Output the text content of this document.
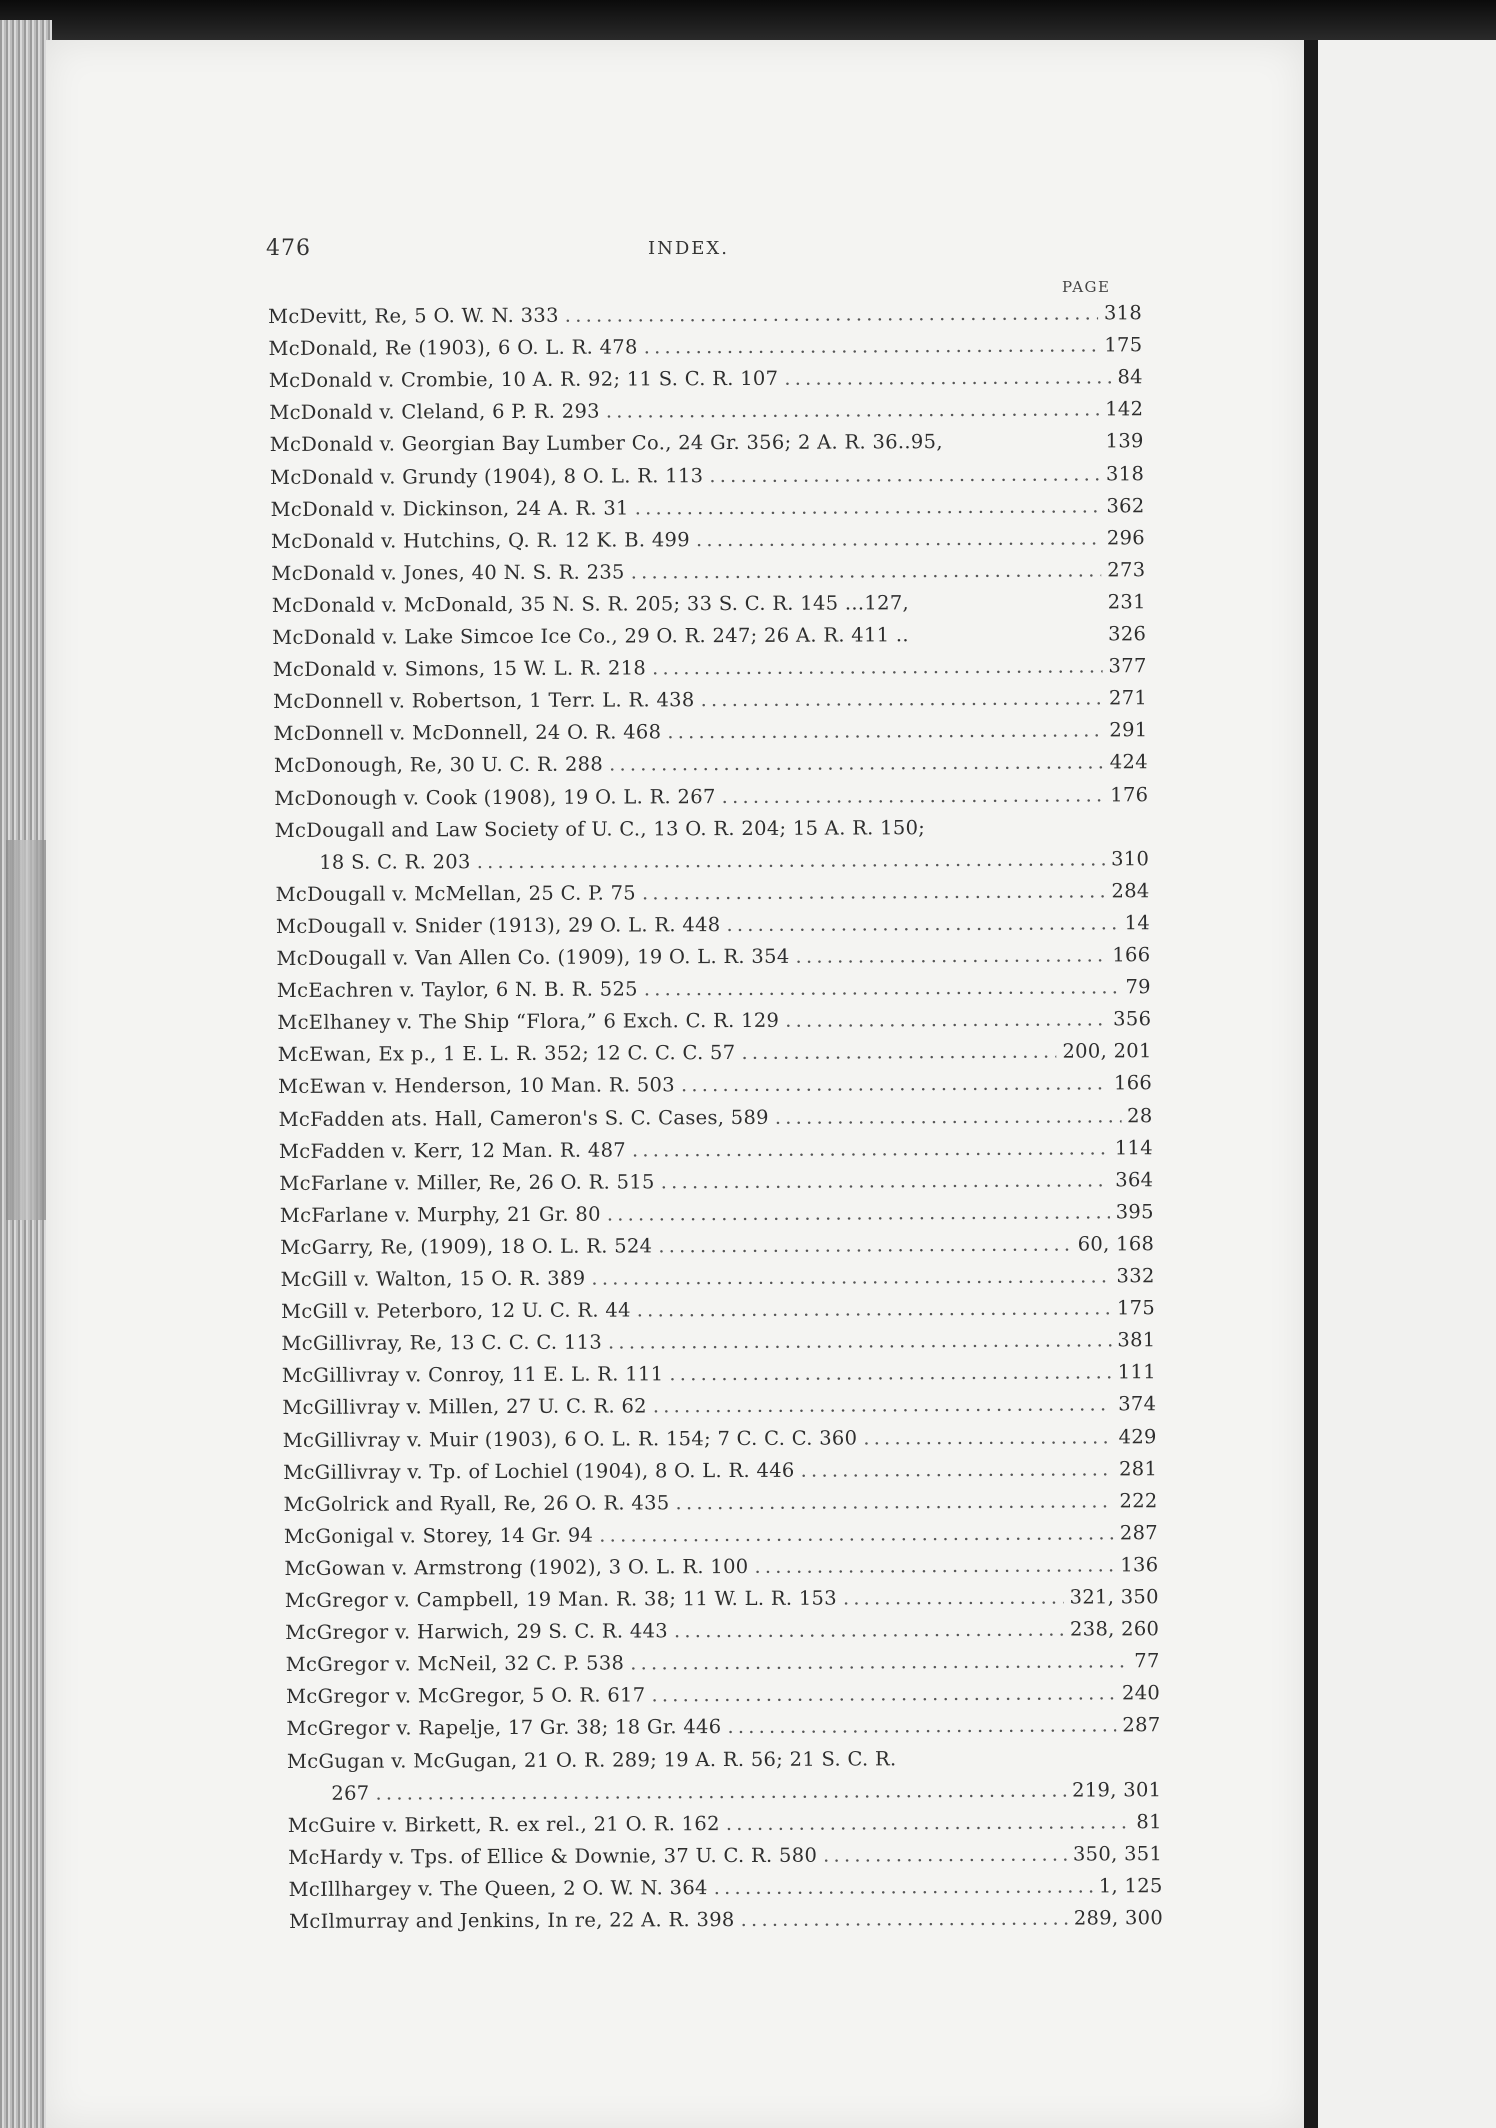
476	INDEX.
PAGE
McDevitt, Re, 5 O. W. N. 333 . . .	318
McDonald, Re (1903), 6 O. L. R. 478 . . .	175
McDonald v. Crombie, 10 A. R. 92; 11 S. C. R. 107 . . .	84
McDonald v. Cleland, 6 P. R. 293 . . .	142
McDonald v. Georgian Bay Lumber Co., 24 Gr. 356; 2 A. R. 36..95,	139
McDonald v. Grundy (1904), 8 O. L. R. 113 . . .	318
McDonald v. Dickinson, 24 A. R. 31 . . .	362
McDonald v. Hutchins, Q. R. 12 K. B. 499 . . .	296
McDonald v. Jones, 40 N. S. R. 235 . . .	273
McDonald v. McDonald, 35 N. S. R. 205; 33 S. C. R. 145 ...127,	231
McDonald v. Lake Simcoe Ice Co., 29 O. R. 247; 26 A. R. 411 ..	326
McDonald v. Simons, 15 W. L. R. 218 . . .	377
McDonnell v. Robertson, 1 Terr. L. R. 438 . . .	271
McDonnell v. McDonnell, 24 O. R. 468 . . .	291
McDonough, Re, 30 U. C. R. 288 . . .	424
McDonough v. Cook (1908), 19 O. L. R. 267 . . .	176
McDougall and Law Society of U. C., 13 O. R. 204; 15 A. R. 150;
18 S. C. R. 203 . . .	310
McDougall v. McMellan, 25 C. P. 75 . . .	284
McDougall v. Snider (1913), 29 O. L. R. 448 . . .	14
McDougall v. Van Allen Co. (1909), 19 O. L. R. 354 . . .	166
McEachren v. Taylor, 6 N. B. R. 525 . . .	79
McElhaney v. The Ship “Flora,” 6 Exch. C. R. 129 . . .	356
McEwan, Ex p., 1 E. L. R. 352; 12 C. C. C. 57 . . .	200, 201
McEwan v. Henderson, 10 Man. R. 503 . . .	166
McFadden ats. Hall, Cameron's S. C. Cases, 589 . . .	28
McFadden v. Kerr, 12 Man. R. 487 . . .	114
McFarlane v. Miller, Re, 26 O. R. 515 . . .	364
McFarlane v. Murphy, 21 Gr. 80 . . .	395
McGarry, Re, (1909), 18 O. L. R. 524 . . .	60, 168
McGill v. Walton, 15 O. R. 389 . . .	332
McGill v. Peterboro, 12 U. C. R. 44 . . .	175
McGillivray, Re, 13 C. C. C. 113 . . .	381
McGillivray v. Conroy, 11 E. L. R. 111 . . .	111
McGillivray v. Millen, 27 U. C. R. 62 . . .	374
McGillivray v. Muir (1903), 6 O. L. R. 154; 7 C. C. C. 360 . . .	429
McGillivray v. Tp. of Lochiel (1904), 8 O. L. R. 446 . . .	281
McGolrick and Ryall, Re, 26 O. R. 435 . . .	222
McGonigal v. Storey, 14 Gr. 94 . . .	287
McGowan v. Armstrong (1902), 3 O. L. R. 100 . . .	136
McGregor v. Campbell, 19 Man. R. 38; 11 W. L. R. 153 . . .	321, 350
McGregor v. Harwich, 29 S. C. R. 443 . . .	238, 260
McGregor v. McNeil, 32 C. P. 538 . . .	77
McGregor v. McGregor, 5 O. R. 617 . . .	240
McGregor v. Rapelje, 17 Gr. 38; 18 Gr. 446 . . .	287
McGugan v. McGugan, 21 O. R. 289; 19 A. R. 56; 21 S. C. R.
267 . . .	219, 301
McGuire v. Birkett, R. ex rel., 21 O. R. 162 . . .	81
McHardy v. Tps. of Ellice & Downie, 37 U. C. R. 580 . . .	350, 351
McIllhargey v. The Queen, 2 O. W. N. 364 . . .	1, 125
McIlmurray and Jenkins, In re, 22 A. R. 398 . . .	289, 300
